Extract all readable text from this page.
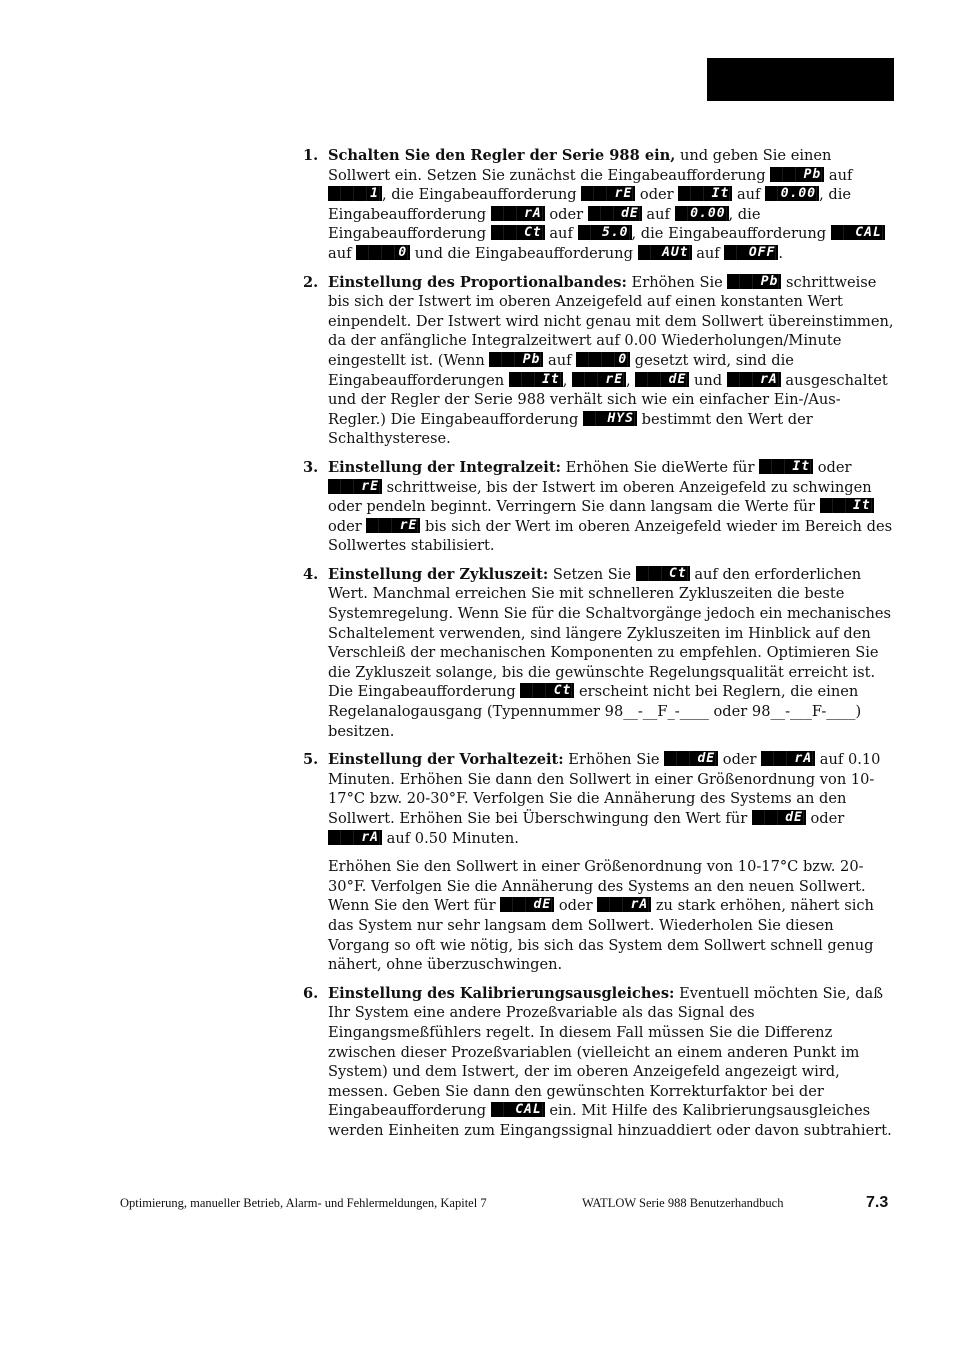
1. Schalten Sie den Regler der Serie 988 ein, und geben Sie einen Sollwert ein. Setzen Sie zunächst die Eingabeaufforderung	Pb auf
1 , die Eingabeaufforderung	rE oder	It auf 0.00 , die Eingabeaufforderung	rA oder	dE auf 0.00 , die Eingabeaufforderung	Ct auf 5.0 , die Eingabeaufforderung CAL
auf	0 und die Eingabeaufforderung AUt auf OFF .

2. Einstellung des Proportionalbandes: Erhöhen Sie	Pb schrittweise bis sich der Istwert im oberen Anzeigefeld auf einen konstanten Wert einpendelt. Der Istwert wird nicht genau mit dem Sollwert übereinstimmen, da der anfängliche Integralzeitwert auf 0.00 Wiederholungen/Minute eingestellt ist. (Wenn	Pb auf	0 gesetzt wird, sind die Eingabeaufforderungen	It ,	rE ,	dE und	rA ausgeschaltet und der Regler der Serie 988 verhält sich wie ein einfacher Ein-/Aus-Regler.) Die Eingabeaufforderung HYS bestimmt den Wert der Schalthysterese.

3. Einstellung der Integralzeit: Erhöhen Sie dieWerte für	It oder
rE schrittweise, bis der Istwert im oberen Anzeigefeld zu schwingen oder pendeln beginnt. Verringern Sie dann langsam die Werte für	It
oder	rE bis sich der Wert im oberen Anzeigefeld wieder im Bereich des Sollwertes stabilisiert.

4. Einstellung der Zykluszeit: Setzen Sie	Ct auf den erforderlichen Wert. Manchmal erreichen Sie mit schnelleren Zykluszeiten die beste Systemregelung. Wenn Sie für die Schaltvorgänge jedoch ein mechanisches Schaltelement verwenden, sind längere Zykluszeiten im Hinblick auf den Verschleiß der mechanischen Komponenten zu empfehlen. Optimieren Sie die Zykluszeit solange, bis die gewünschte Regelungsqualität erreicht ist. Die Eingabeaufforderung	Ct erscheint nicht bei Reglern, die einen Regelanalogausgang (Typennummer 98__-__F_-____ oder 98__-___F-____) besitzen.

5. Einstellung der Vorhaltezeit: Erhöhen Sie	dE oder	rA auf 0.10 Minuten. Erhöhen Sie dann den Sollwert in einer Größenordnung von 10-17°C bzw. 20-30°F. Verfolgen Sie die Annäherung des Systems an den Sollwert. Erhöhen Sie bei Überschwingung den Wert für	dE oder
rA auf 0.50 Minuten.

Erhöhen Sie den Sollwert in einer Größenordnung von 10-17°C bzw. 20-30°F. Verfolgen Sie die Annäherung des Systems an den neuen Sollwert. Wenn Sie den Wert für	dE oder	rA zu stark erhöhen, nähert sich das System nur sehr langsam dem Sollwert. Wiederholen Sie diesen Vorgang so oft wie nötig, bis sich das System dem Sollwert schnell genug nähert, ohne überzuschwingen.

6. Einstellung des Kalibrierungsausgleiches: Eventuell möchten Sie, daß Ihr System eine andere Prozeßvariable als das Signal des Eingangsmeßfühlers regelt. In diesem Fall müssen Sie die Differenz zwischen dieser Prozeßvariablen (vielleicht an einem anderen Punkt im System) und dem Istwert, der im oberen Anzeigefeld angezeigt wird, messen. Geben Sie dann den gewünschten Korrekturfaktor bei der Eingabeaufforderung CAL ein. Mit Hilfe des Kalibrierungsausgleiches werden Einheiten zum Eingangssignal hinzuaddiert oder davon subtrahiert.

Optimierung, manueller Betrieb, Alarm- und Fehlermeldungen, Kapitel 7	WATLOW Serie 988 Benutzerhandbuch	7.3
